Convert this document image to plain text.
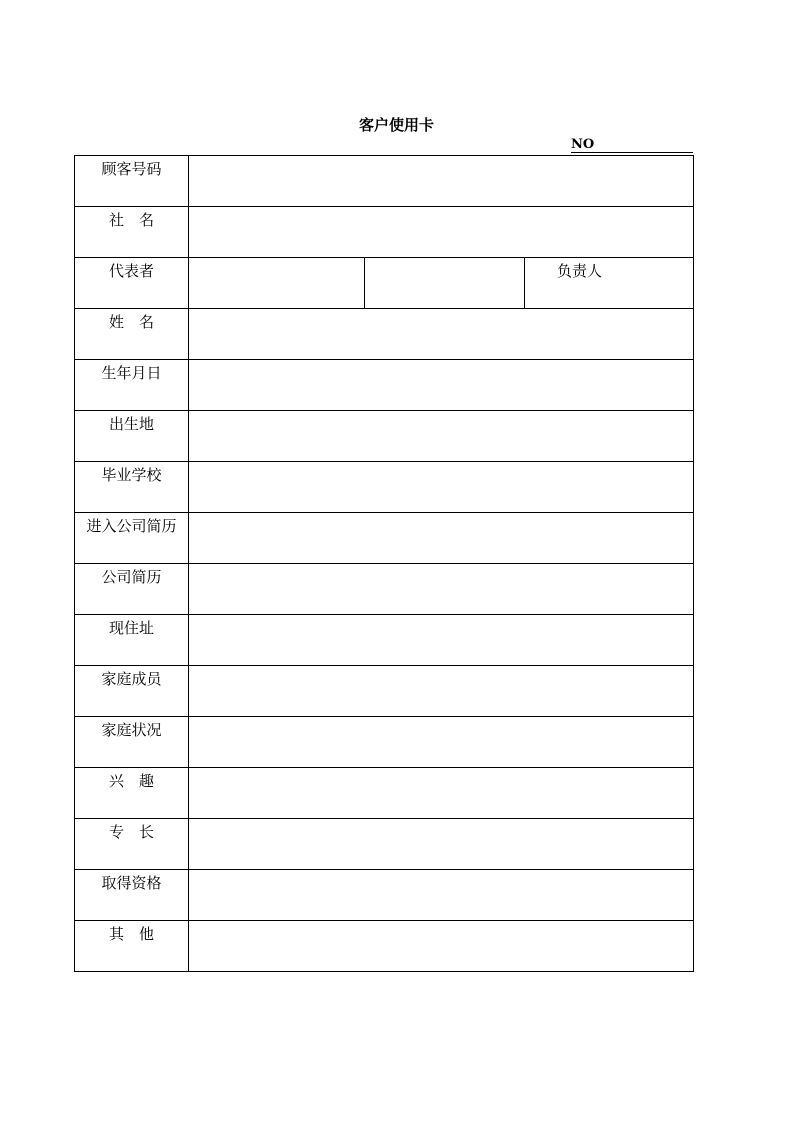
客户使用卡
NO
顾客号码			
社　名			
代表者			负责人
姓　名			
生年月日			
出生地			
毕业学校			
进入公司简历			
公司简历			
现住址			
家庭成员			
家庭状况			
兴　趣			
专　长			
取得资格			
其　他			
